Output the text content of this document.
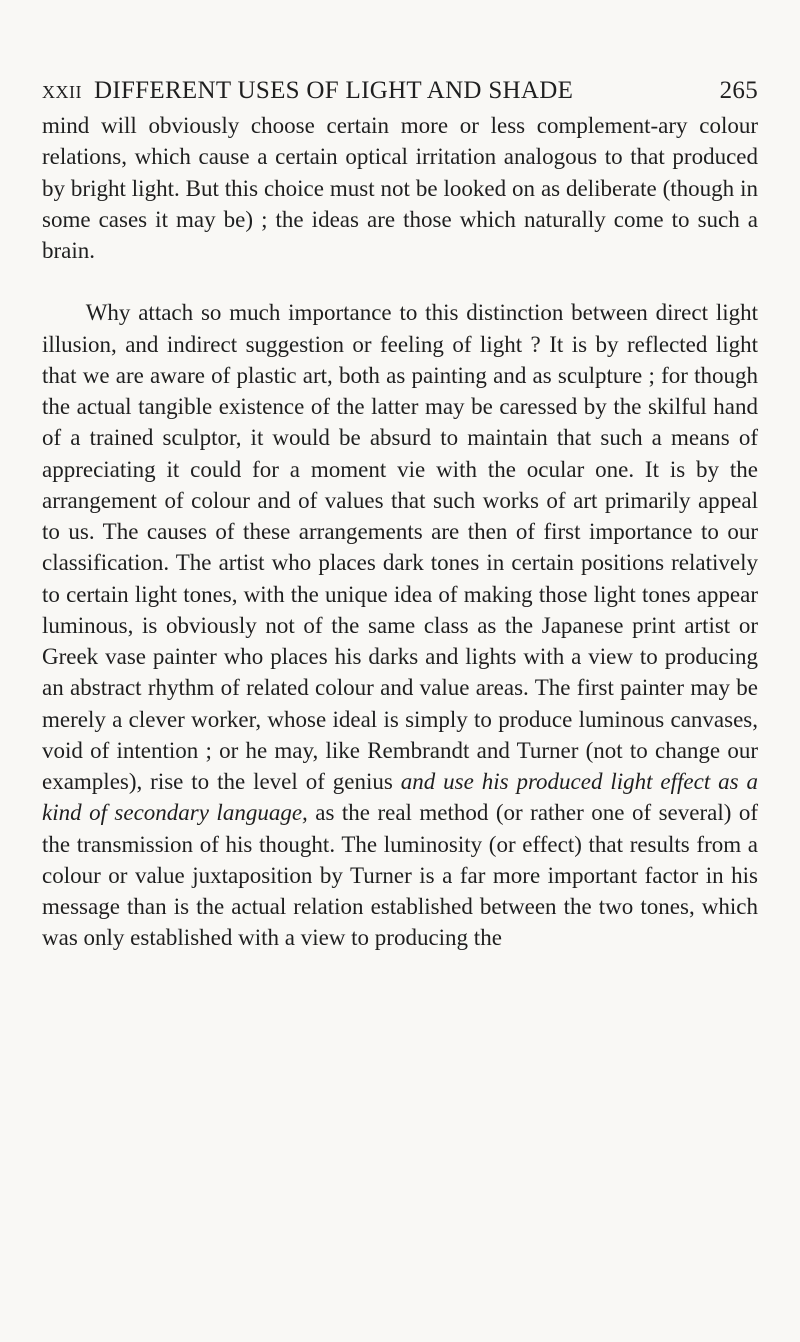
xxii DIFFERENT USES OF LIGHT AND SHADE	265

mind will obviously choose certain more or less complement-ary colour relations, which cause a certain optical irritation analogous to that produced by bright light. But this choice must not be looked on as deliberate (though in some cases it may be) ; the ideas are those which naturally come to such a brain.

Why attach so much importance to this distinction between direct light illusion, and indirect suggestion or feeling of light ? It is by reflected light that we are aware of plastic art, both as painting and as sculpture ; for though the actual tangible existence of the latter may be caressed by the skilful hand of a trained sculptor, it would be absurd to maintain that such a means of appreciating it could for a moment vie with the ocular one. It is by the arrangement of colour and of values that such works of art primarily appeal to us. The causes of these arrangements are then of first importance to our classification. The artist who places dark tones in certain positions relatively to certain light tones, with the unique idea of making those light tones appear luminous, is obviously not of the same class as the Japanese print artist or Greek vase painter who places his darks and lights with a view to producing an abstract rhythm of related colour and value areas. The first painter may be merely a clever worker, whose ideal is simply to produce luminous canvases, void of intention ; or he may, like Rembrandt and Turner (not to change our examples), rise to the level of genius and use his produced light effect as a kind of secondary language, as the real method (or rather one of several) of the transmission of his thought. The luminosity (or effect) that results from a colour or value juxtaposition by Turner is a far more important factor in his message than is the actual relation established between the two tones, which was only established with a view to producing the
